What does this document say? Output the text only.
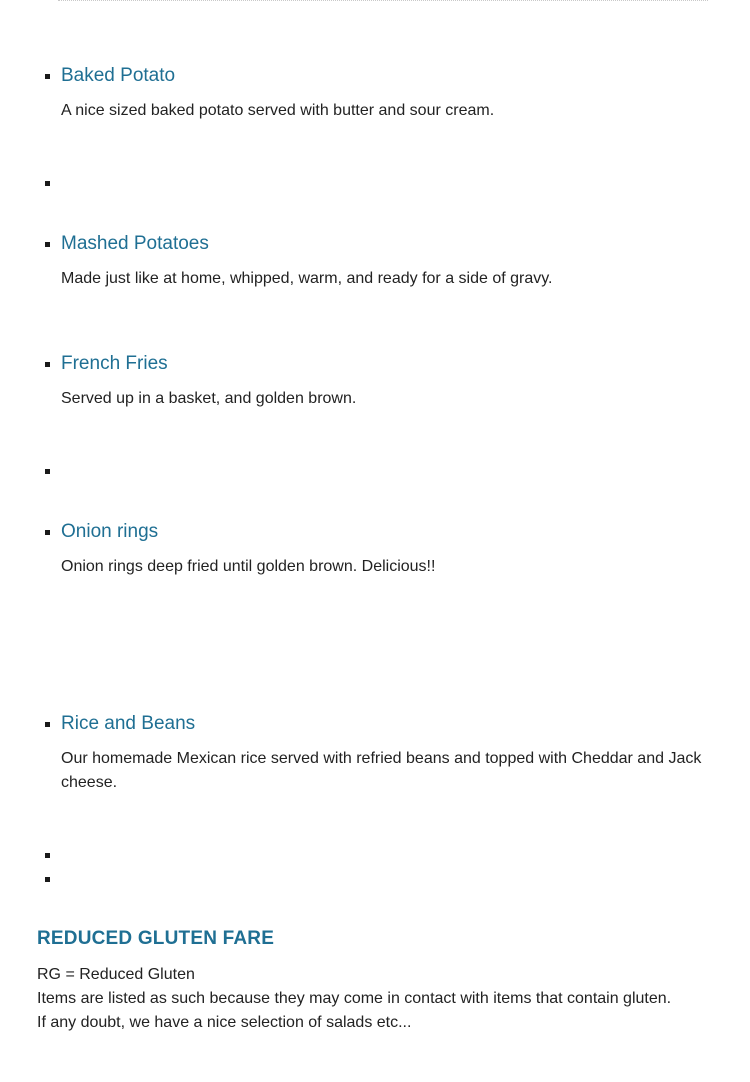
Baked Potato

A nice sized baked potato served with butter and sour cream.

Mashed Potatoes

Made just like at home, whipped, warm, and ready for a side of gravy.

French Fries

Served up in a basket, and golden brown.

Onion rings

Onion rings deep fried until golden brown. Delicious!!

Rice and Beans

Our homemade Mexican rice served with refried beans and topped with Cheddar and Jack cheese.

REDUCED GLUTEN FARE

RG = Reduced Gluten

Items are listed as such because they may come in contact with items that contain gluten.

If any doubt, we have a nice selection of salads etc...
